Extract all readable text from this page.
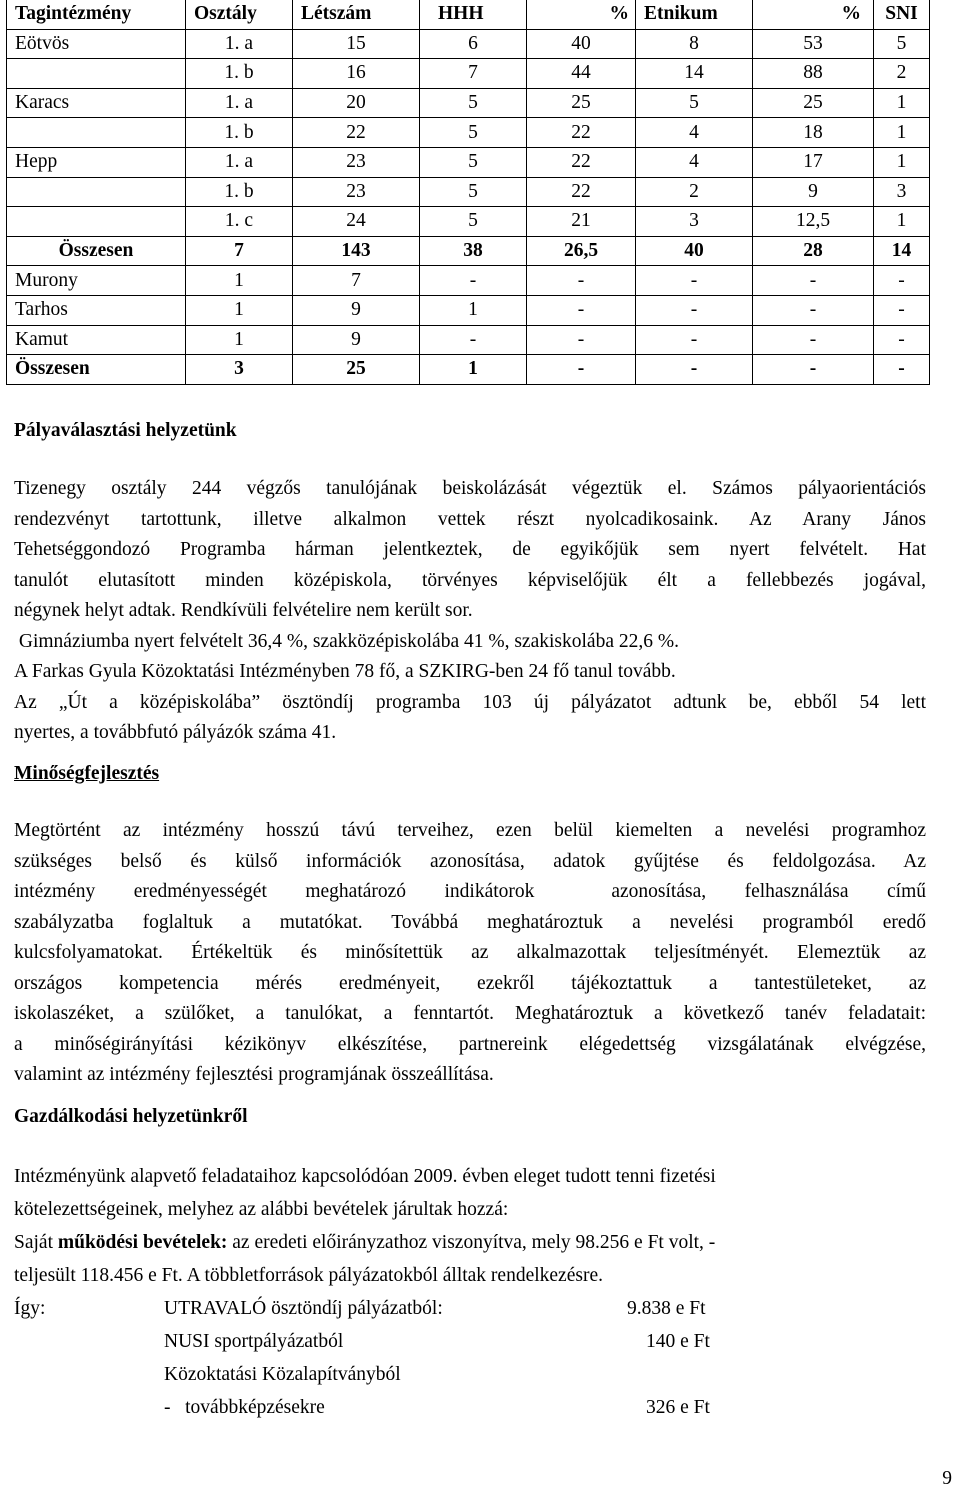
Tagintézmény	Osztály	Létszám	HHH	%	Etnikum	%	SNI
Eötvös	1. a	15	6	40	8	53	5
	1. b	16	7	44	14	88	2
Karacs	1. a	20	5	25	5	25	1
	1. b	22	5	22	4	18	1
Hepp	1. a	23	5	22	4	17	1
	1. b	23	5	22	2	9	3
	1. c	24	5	21	3	12,5	1
Összesen	7	143	38	26,5	40	28	14
Murony	1	7	-	-	-	-	-
Tarhos	1	9	1	-	-	-	-
Kamut	1	9	-	-	-	-	-
Összesen	3	25	1	-	-	-	-
Pályaválasztási helyzetünk
Tizenegy osztály 244 végzős tanulójának beiskolázását végeztük el. Számos pályaorientációs
rendezvényt tartottunk, illetve alkalmon vettek részt nyolcadikosaink. Az Arany János
Tehetséggondozó Programba hárman jelentkeztek, de egyikőjük sem nyert felvételt. Hat
tanulót elutasított minden középiskola, törvényes képviselőjük élt a fellebbezés jogával,
négynek helyt adtak. Rendkívüli felvételire nem került sor.
Gimnáziumba nyert felvételt 36,4 %, szakközépiskolába 41 %, szakiskolába 22,6 %.
A Farkas Gyula Közoktatási Intézményben 78 fő, a SZKIRG-ben 24 fő tanul tovább.
Az „Út a középiskolába” ösztöndíj programba 103 új pályázatot adtunk be, ebből 54 lett
nyertes, a továbbfutó pályázók száma 41.
Minőségfejlesztés
Megtörtént az intézmény hosszú távú terveihez, ezen belül kiemelten a nevelési programhoz
szükséges belső és külső információk azonosítása, adatok gyűjtése és feldolgozása. Az
intézmény eredményességét meghatározó indikátorok  azonosítása, felhasználása című
szabályzatba foglaltuk a mutatókat. Továbbá meghatároztuk a nevelési programból eredő
kulcsfolyamatokat. Értékeltük és minősítettük az alkalmazottak teljesítményét. Elemeztük az
országos kompetencia mérés eredményeit, ezekről tájékoztattuk a tantestületeket, az
iskolaszéket, a szülőket, a tanulókat, a fenntartót. Meghatároztuk a következő tanév feladatait:
a minőségirányítási kézikönyv elkészítése, partnereink elégedettség vizsgálatának elvégzése,
valamint az intézmény fejlesztési programjának összeállítása.
Gazdálkodási helyzetünkről
Intézményünk alapvető feladataihoz kapcsolódóan 2009. évben eleget tudott tenni fizetési
kötelezettségeinek, melyhez az alábbi bevételek járultak hozzá:
Saját működési bevételek: az eredeti előirányzathoz viszonyítva, mely 98.256 e Ft volt, -
teljesült 118.456 e Ft. A többletforrások pályázatokból álltak rendelkezésre.
Így:	UTRAVALÓ ösztöndíj pályázatból:	9.838 e Ft
NUSI sportpályázatból	140 e Ft
Közoktatási Közalapítványból
-   továbbképzésekre	326 e Ft
9
